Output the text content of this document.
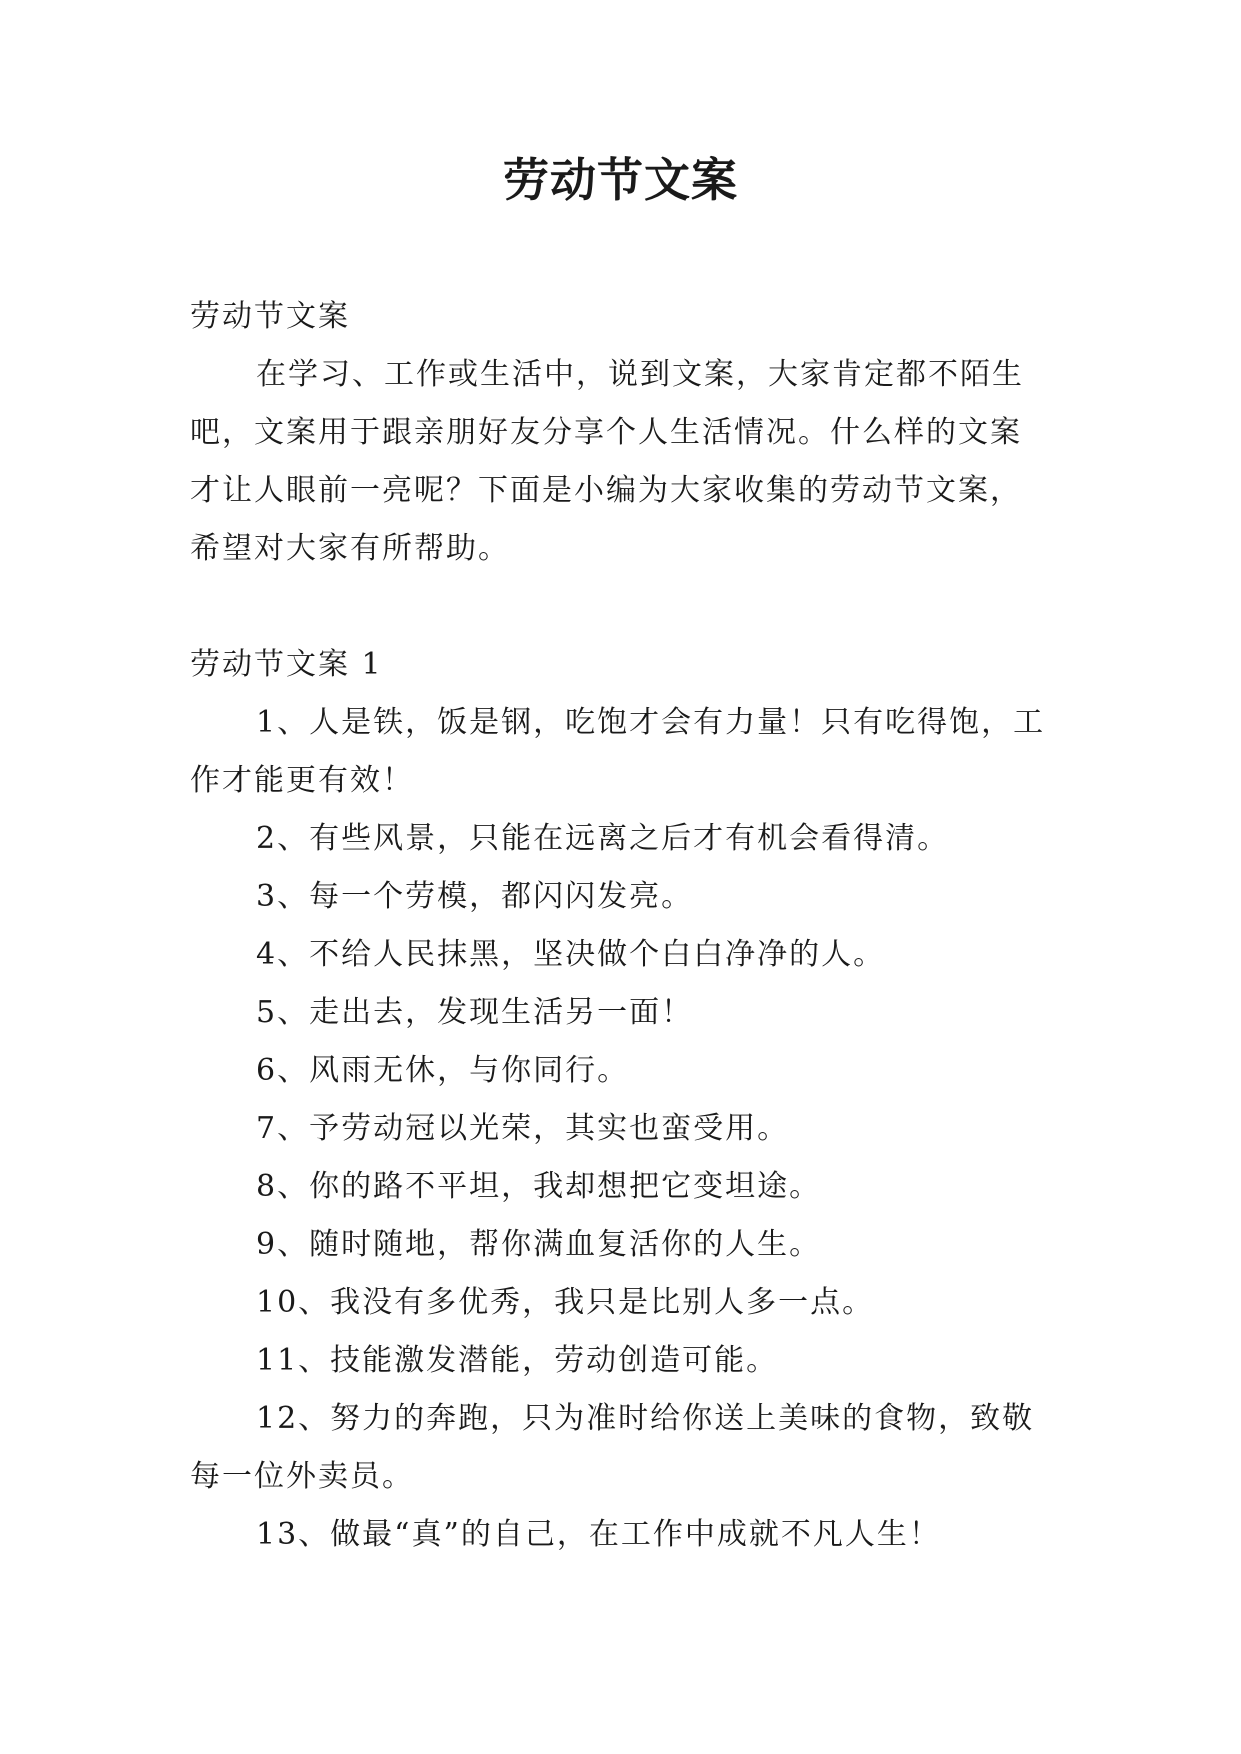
劳动节文案

劳动节文案

在学习、工作或生活中，说到文案，大家肯定都不陌生吧，文案用于跟亲朋好友分享个人生活情况。什么样的文案才让人眼前一亮呢？下面是小编为大家收集的劳动节文案，希望对大家有所帮助。

劳动节文案 1

1、人是铁，饭是钢，吃饱才会有力量！只有吃得饱，工作才能更有效！

2、有些风景，只能在远离之后才有机会看得清。

3、每一个劳模，都闪闪发亮。

4、不给人民抹黑，坚决做个白白净净的人。

5、走出去，发现生活另一面！

6、风雨无休，与你同行。

7、予劳动冠以光荣，其实也蛮受用。

8、你的路不平坦，我却想把它变坦途。

9、随时随地，帮你满血复活你的人生。

10、我没有多优秀，我只是比别人多一点。

11、技能激发潜能，劳动创造可能。

12、努力的奔跑，只为准时给你送上美味的食物，致敬每一位外卖员。

13、做最“真”的自己，在工作中成就不凡人生！
